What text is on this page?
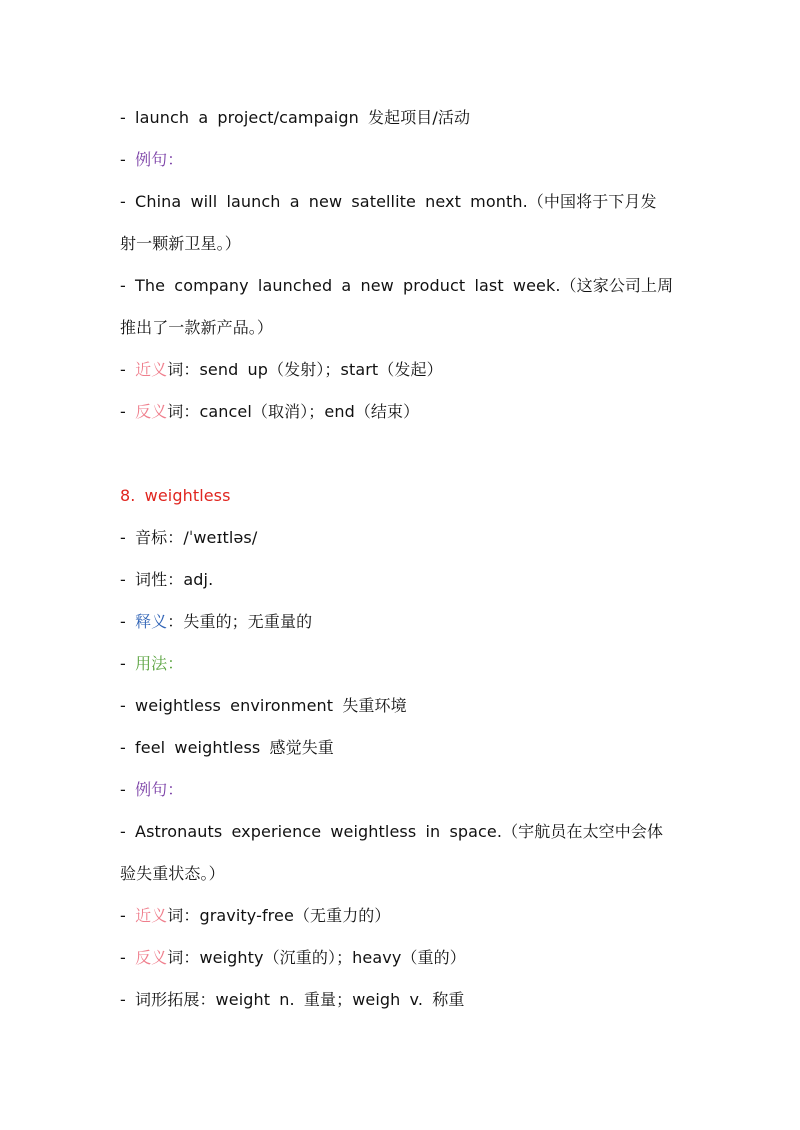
- launch a project/campaign 发起项目/活动
- 例句：
- China will launch a new satellite next month.（中国将于下月发
射一颗新卫星。）
- The company launched a new product last week.（这家公司上周
推出了一款新产品。）
- 近义词：send up（发射）；start（发起）
- 反义词：cancel（取消）；end（结束）
8. weightless
- 音标：/ˈweɪtləs/
- 词性：adj.
- 释义：失重的；无重量的
- 用法：
- weightless environment 失重环境
- feel weightless 感觉失重
- 例句：
- Astronauts experience weightless in space.（宇航员在太空中会体
验失重状态。）
- 近义词：gravity-free（无重力的）
- 反义词：weighty（沉重的）；heavy（重的）
- 词形拓展：weight n. 重量；weigh v. 称重
